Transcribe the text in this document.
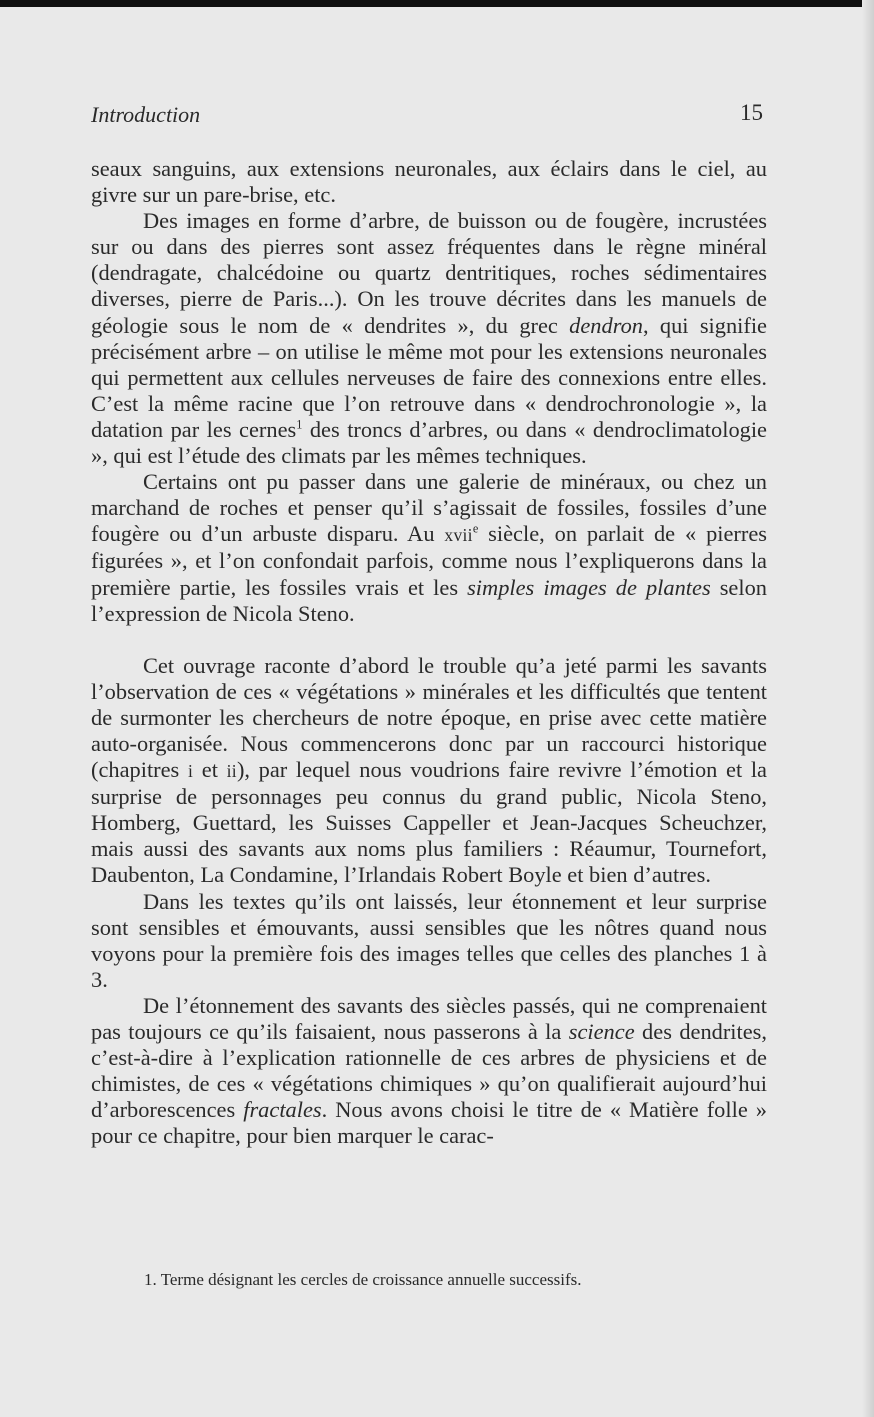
Introduction	15

seaux sanguins, aux extensions neuronales, aux éclairs dans le ciel, au givre sur un pare-brise, etc.

Des images en forme d’arbre, de buisson ou de fougère, incrustées sur ou dans des pierres sont assez fréquentes dans le règne minéral (dendragate, chalcédoine ou quartz dentritiques, roches sédimentaires diverses, pierre de Paris...). On les trouve décrites dans les manuels de géologie sous le nom de « dendrites », du grec dendron, qui signifie précisément arbre – on utilise le même mot pour les extensions neuronales qui permettent aux cellules nerveuses de faire des connexions entre elles. C’est la même racine que l’on retrouve dans « dendrochronologie », la datation par les cernes$^1$ des troncs d’arbres, ou dans « dendroclimatologie », qui est l’étude des climats par les mêmes techniques.

Certains ont pu passer dans une galerie de minéraux, ou chez un marchand de roches et penser qu’il s’agissait de fossiles, fossiles d’une fougère ou d’un arbuste disparu. Au xvii$^e$ siècle, on parlait de « pierres figurées », et l’on confondait parfois, comme nous l’expliquerons dans la première partie, les fossiles vrais et les simples images de plantes selon l’expression de Nicola Steno.

Cet ouvrage raconte d’abord le trouble qu’a jeté parmi les savants l’observation de ces « végétations » minérales et les difficultés que tentent de surmonter les chercheurs de notre époque, en prise avec cette matière auto-organisée. Nous commencerons donc par un raccourci historique (chapitres i et ii), par lequel nous voudrions faire revivre l’émotion et la surprise de personnages peu connus du grand public, Nicola Steno, Homberg, Guettard, les Suisses Cappeller et Jean-Jacques Scheuchzer, mais aussi des savants aux noms plus familiers : Réaumur, Tournefort, Daubenton, La Condamine, l’Irlandais Robert Boyle et bien d’autres.

Dans les textes qu’ils ont laissés, leur étonnement et leur surprise sont sensibles et émouvants, aussi sensibles que les nôtres quand nous voyons pour la première fois des images telles que celles des planches 1 à 3.

De l’étonnement des savants des siècles passés, qui ne comprenaient pas toujours ce qu’ils faisaient, nous passerons à la science des dendrites, c’est-à-dire à l’explication rationnelle de ces arbres de physiciens et de chimistes, de ces « végétations chimiques » qu’on qualifierait aujourd’hui d’arborescences fractales. Nous avons choisi le titre de « Matière folle » pour ce chapitre, pour bien marquer le carac-

1. Terme désignant les cercles de croissance annuelle successifs.
